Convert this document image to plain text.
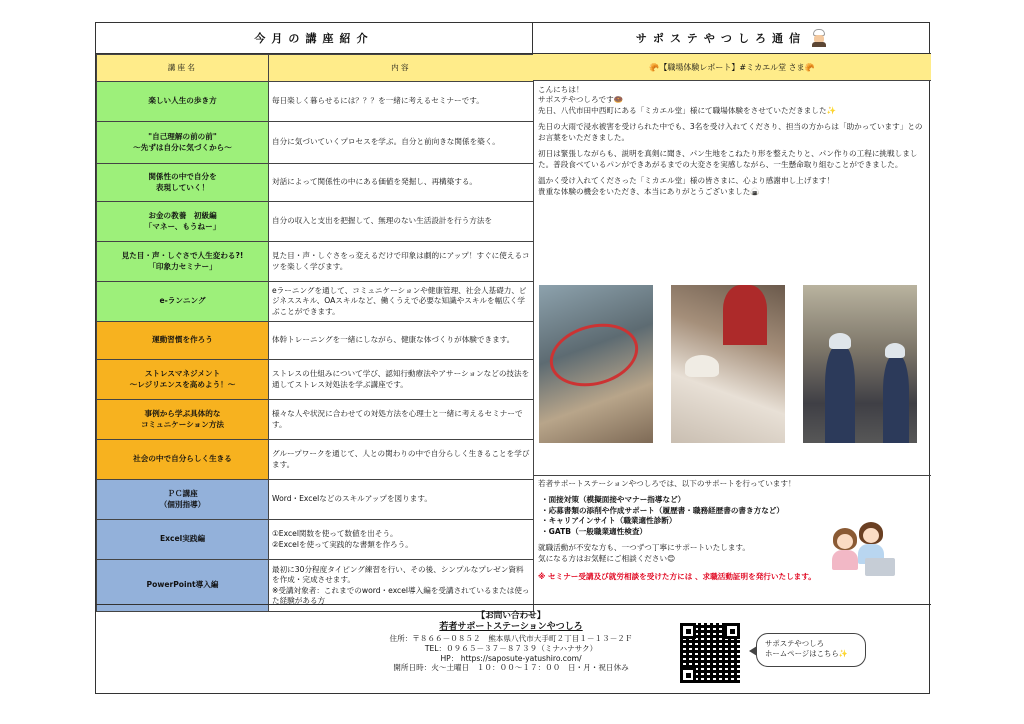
今月の講座紹介	サポステやつしろ通信
講座名	内容
楽しい人生の歩き方	毎日楽しく暮らせるには？？？を一緒に考えるセミナーです。
"自己理解の前の前"
～先ずは自分に気づくから～	自分に気づいていくプロセスを学ぶ。自分と前向きな関係を築く。
関係性の中で自分を
表現していく！	対話によって関係性の中にある価値を発掘し、再構築する。
お金の教養　初級編
「マネー、もうねー」	自分の収入と支出を把握して、無理のない生活設計を行う方法を
見た目・声・しぐさで人生変わる?!
「印象力セミナー」	見た目・声・しぐさをっ変えるだけで印象は劇的にアップ！すぐに使えるコツを楽しく学びます。
e-ランニング	eラーニングを通して、コミュニケーションや健康管理、社会人基礎力、ビジネススキル、OAスキルなど、働くうえで必要な知識やスキルを幅広く学ぶことができます。
運動習慣を作ろう	体幹トレーニングを一緒にしながら、健康な体づくりが体験できます。
ストレスマネジメント
～レジリエンスを高めよう！～	ストレスの仕組みについて学び、認知行動療法やアサーションなどの技法を通してストレス対処法を学ぶ講座です。
事例から学ぶ具体的な
コミュニケーション方法	様々な人や状況に合わせての対処方法を心理士と一緒に考えるセミナーです。
社会の中で自分らしく生きる	グループワークを通じて、人との関わりの中で自分らしく生きることを学びます。
ＰＣ講座
（個別指導）	Word・Excelなどのスキルアップを図ります。
Excel実践編	①Excel関数を使って数値を出そう。
②Excelを使って実践的な書類を作ろう。
PowerPoint導入編	最初に30分程度タイピング練習を行い、その後、シンプルなプレゼン資料を作成・完成させます。
※受講対象者：これまでのword・excel導入編を受講されているまたは使った経験がある方
🥐【職場体験レポート】#ミカエル堂 さま🥐

こんにちは！
サポステやつしろです🍩
先日、八代市田中西町にある「ミカエル堂」様にて職場体験をさせていただきました✨

先日の大雨で浸水被害を受けられた中でも、3名を受け入れてくださり、担当の方からは「助かっています」とのお言葉をいただきました。

初日は緊張しながらも、説明を真剣に聞き、パン生地をこねたり形を整えたりと、パン作りの工程に挑戦しました。普段食べているパンができあがるまでの大変さを実感しながら、一生懸命取り組むことができました。

温かく受け入れてくださった「ミカエル堂」様の皆さまに、心より感謝申し上げます！
貴重な体験の機会をいただき、本当にありがとうございました🍙

若者サポートステーションやつしろでは、以下のサポートを行っています！

・面接対策（模擬面接やマナー指導など）
・応募書類の添削や作成サポート（履歴書・職務経歴書の書き方など）
・キャリアインサイト（職業適性診断）
・GATB（一般職業適性検査）

就職活動が不安な方も、一つずつ丁寧にサポートいたします。
気になる方はお気軽にご相談ください😊

※ セミナー受講及び就労相談を受けた方には 、求職活動証明を発行いたします。

【お問い合わせ】
若者サポートステーションやつしろ
住所：〒８６６－０８５２　熊本県八代市大手町２丁目１－１３－２Ｆ
TEL：０９６５－３７－８７３９（ミナハナサク）
HP： https://saposute-yatushiro.com/
開所日時：火～土曜日　１０：００～１７：００　日・月・祝日休み
サポステやつしろ
ホームページはこちら✨
